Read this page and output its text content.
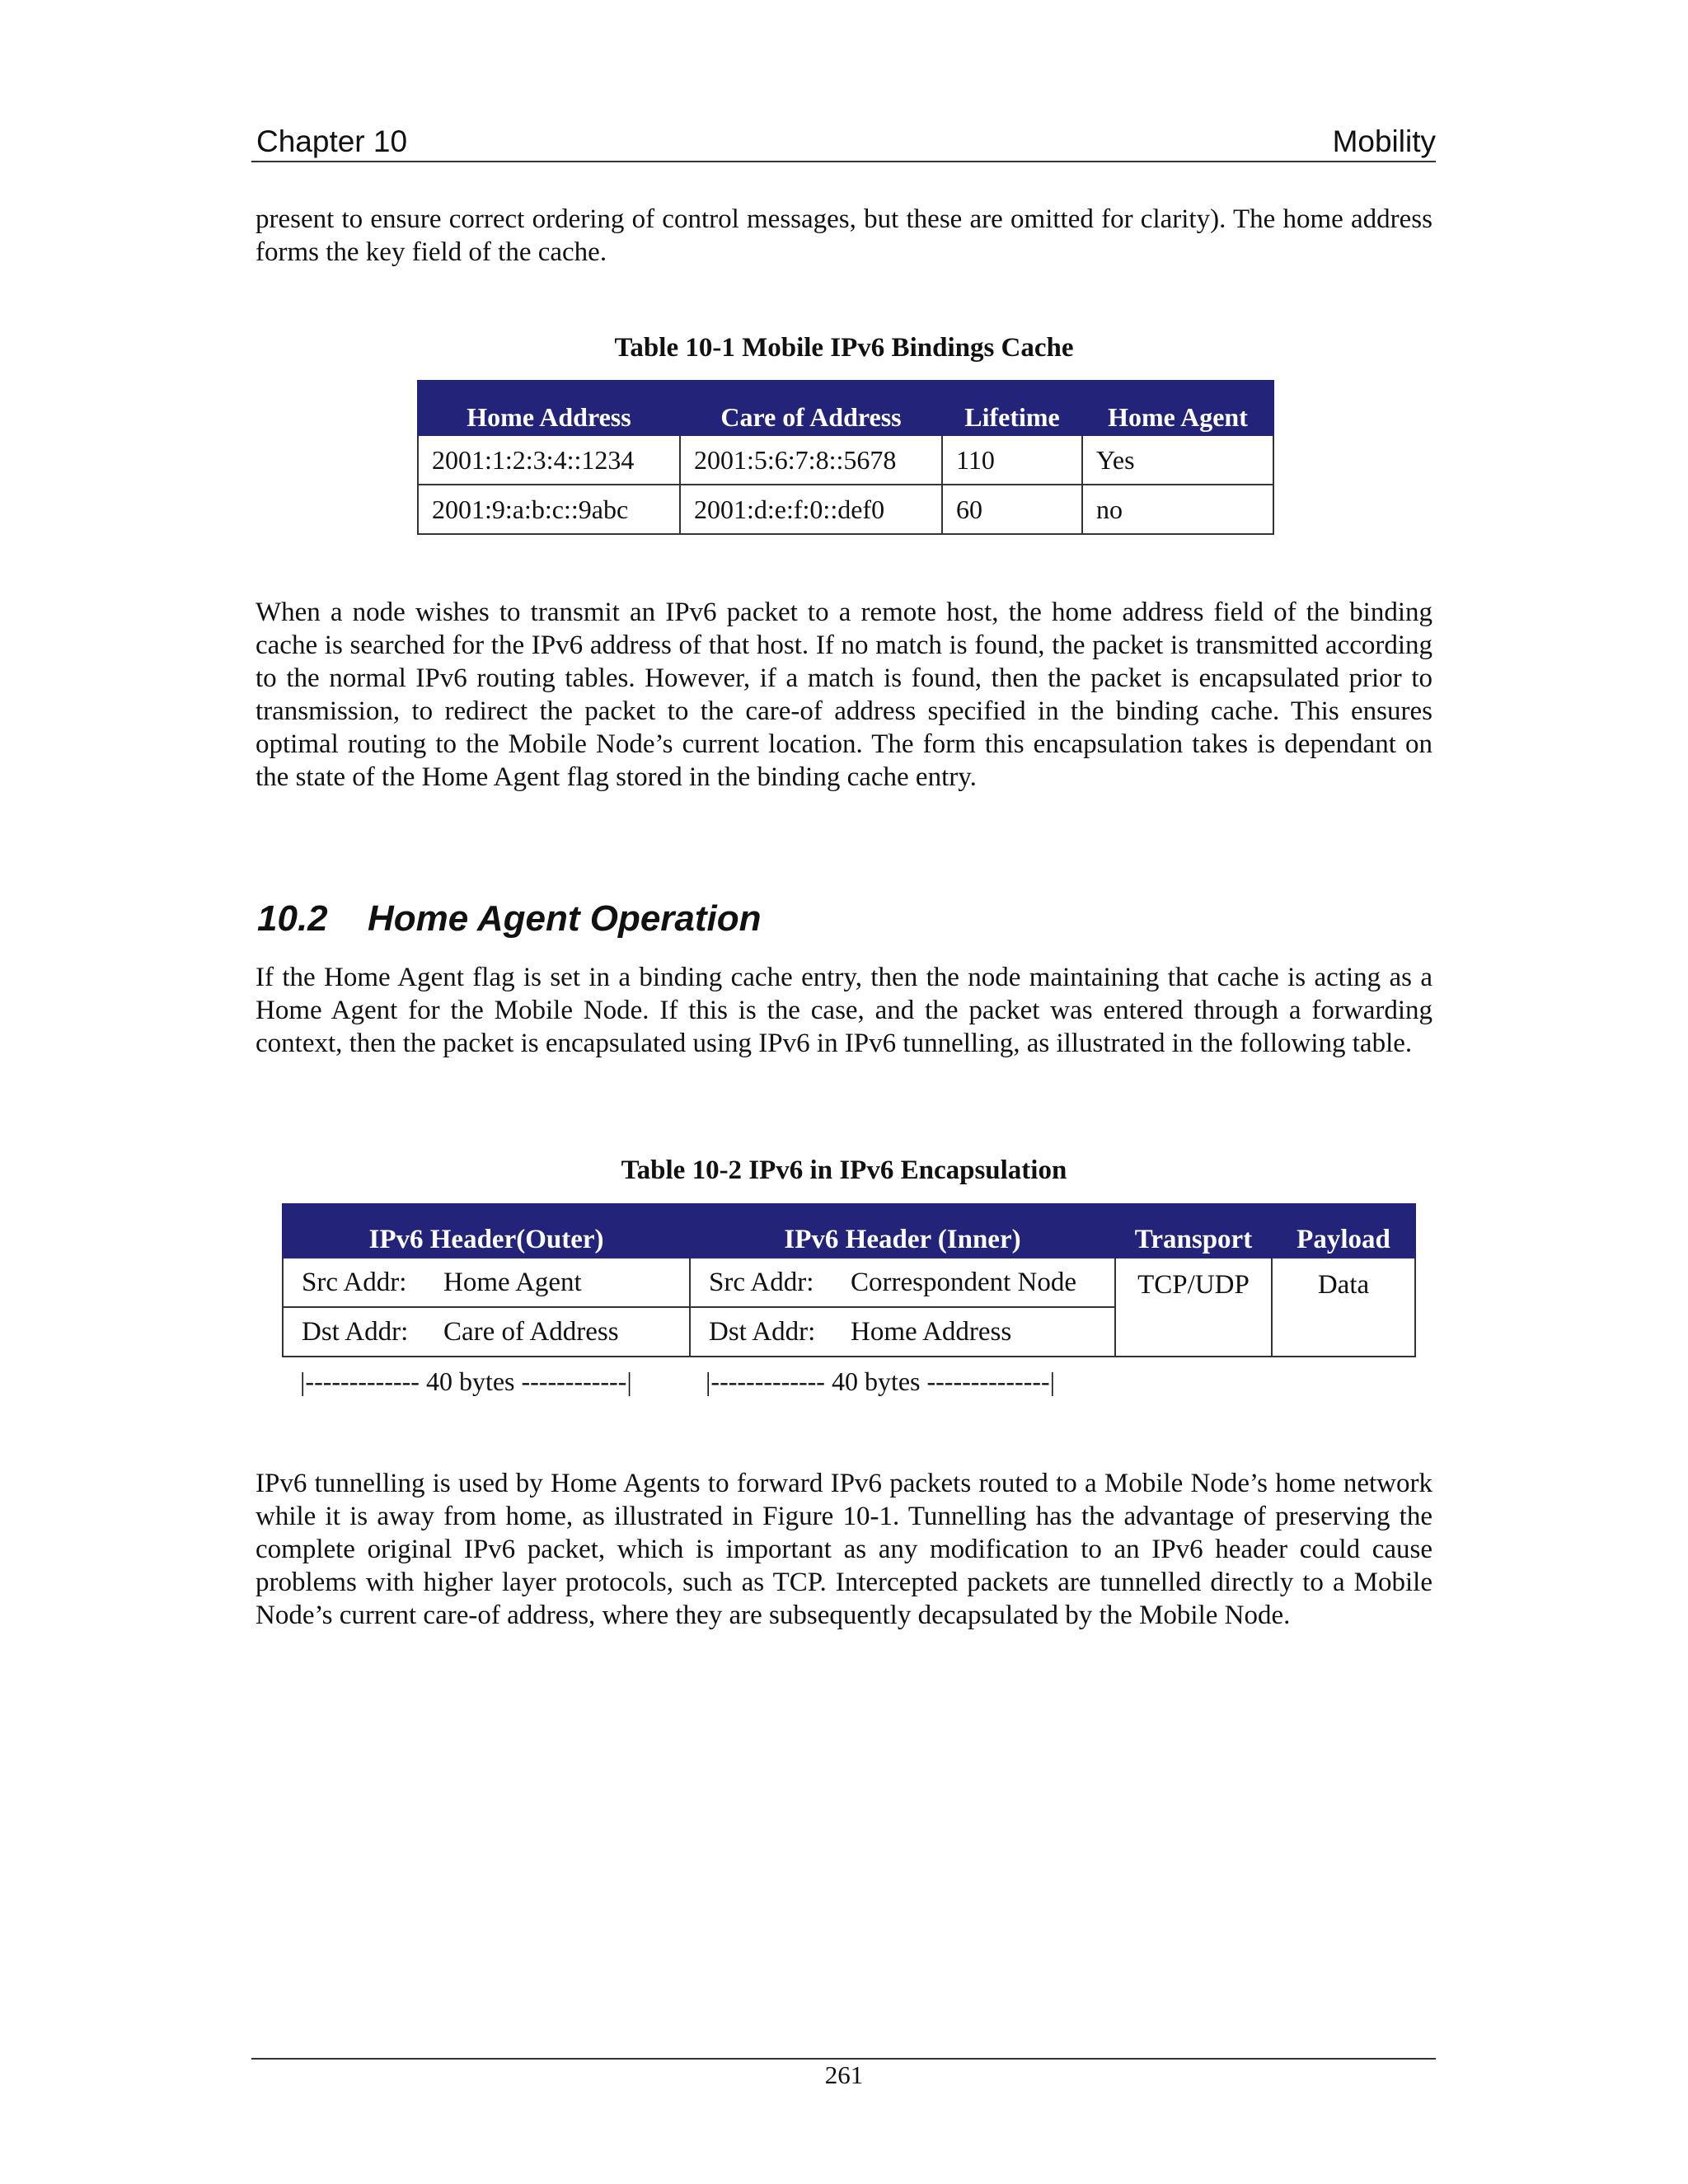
Chapter 10	Mobility
present to ensure correct ordering of control messages, but these are omitted for clarity). The home address forms the key field of the cache.
Table 10-1 Mobile IPv6 Bindings Cache
Home Address	Care of Address	Lifetime	Home Agent
2001:1:2:3:4::1234	2001:5:6:7:8::5678	110	Yes
2001:9:a:b:c::9abc	2001:d:e:f:0::def0	60	no
When a node wishes to transmit an IPv6 packet to a remote host, the home address field of the binding cache is searched for the IPv6 address of that host. If no match is found, the packet is transmitted according to the normal IPv6 routing tables. However, if a match is found, then the packet is encapsulated prior to transmission, to redirect the packet to the care-of address specified in the binding cache. This ensures optimal routing to the Mobile Node’s current location. The form this encapsulation takes is dependant on the state of the Home Agent flag stored in the binding cache entry.
10.2 Home Agent Operation
If the Home Agent flag is set in a binding cache entry, then the node maintaining that cache is acting as a Home Agent for the Mobile Node. If this is the case, and the packet was entered through a forwarding context, then the packet is encapsulated using IPv6 in IPv6 tunnelling, as illustrated in the following table.
Table 10-2 IPv6 in IPv6 Encapsulation
IPv6 Header(Outer)	IPv6 Header (Inner)	Transport	Payload
Src Addr: Home Agent	Src Addr: Correspondent Node	TCP/UDP	Data
Dst Addr: Care of Address	Dst Addr: Home Address		
|------------- 40 bytes ------------|	|------------- 40 bytes --------------|
IPv6 tunnelling is used by Home Agents to forward IPv6 packets routed to a Mobile Node’s home network while it is away from home, as illustrated in Figure 10-1. Tunnelling has the advantage of preserving the complete original IPv6 packet, which is important as any modification to an IPv6 header could cause problems with higher layer protocols, such as TCP. Intercepted packets are tunnelled directly to a Mobile Node’s current care-of address, where they are subsequently decapsulated by the Mobile Node.
261
